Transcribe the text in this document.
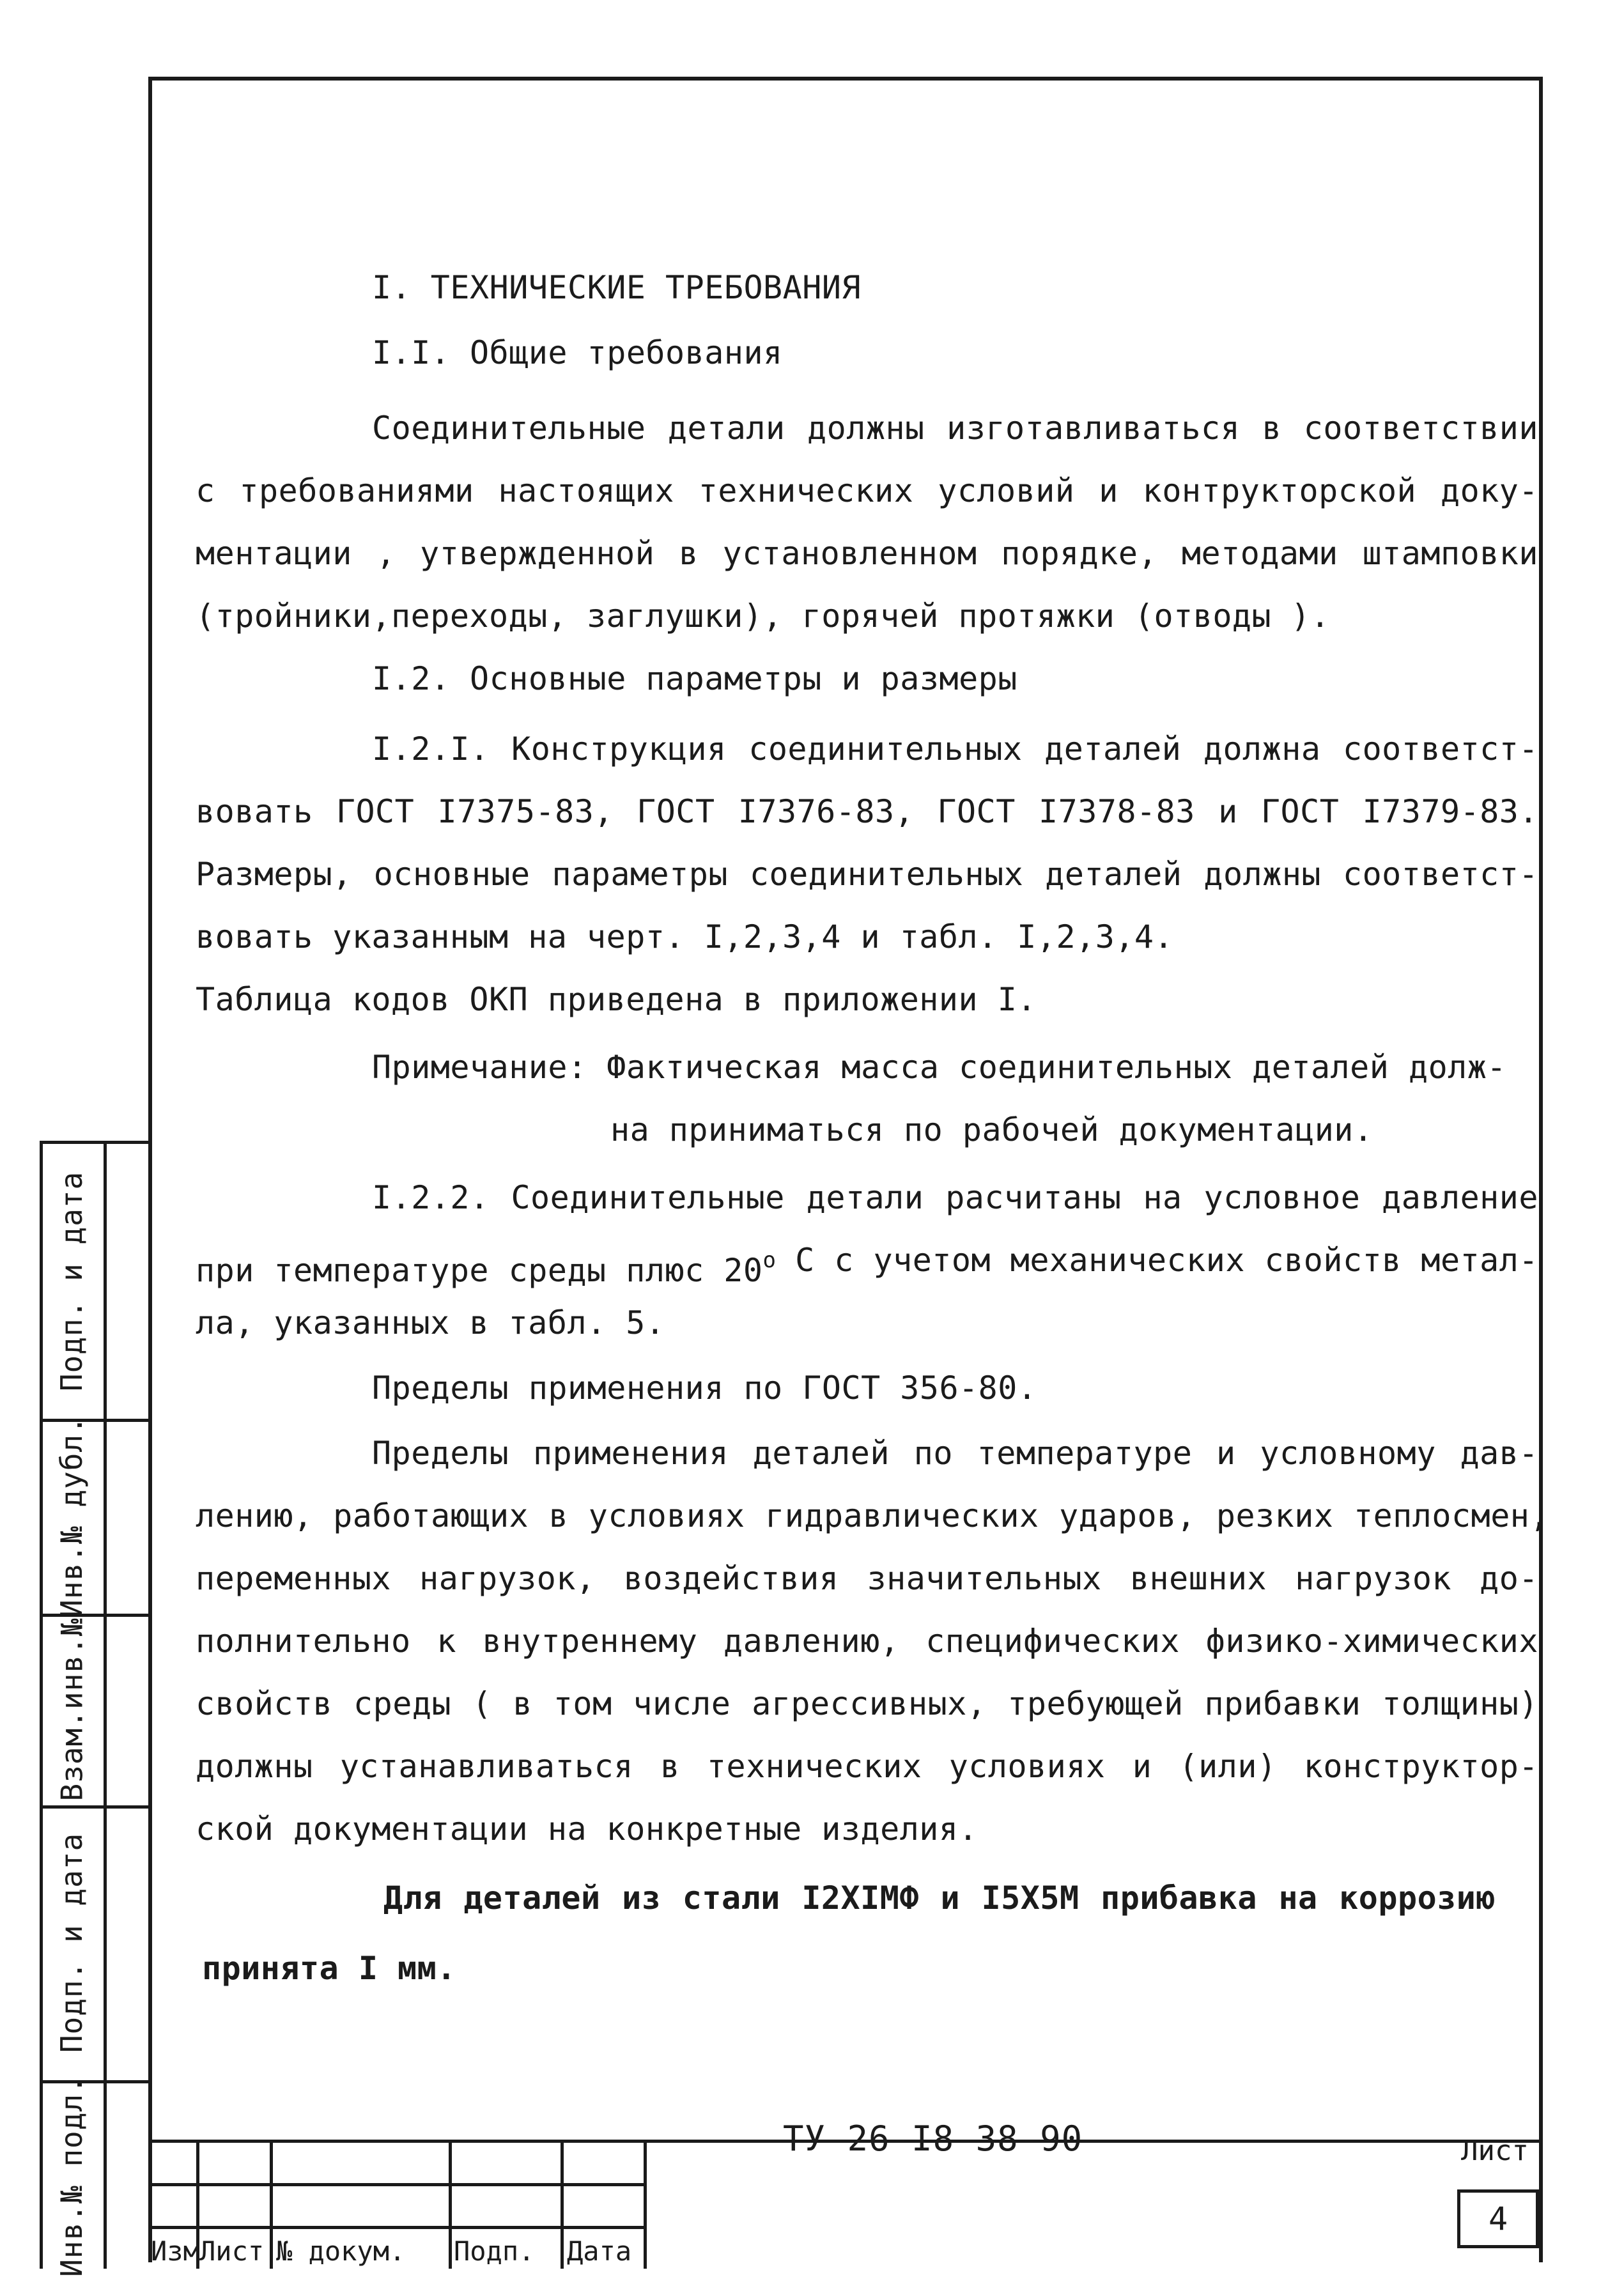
I. ТЕХНИЧЕСКИЕ ТРЕБОВАНИЯ
I.I. Общие требования
Соединительные детали должны изготавливаться в соответствии
с требованиями настоящих технических условий и контрукторской доку-
ментации , утвержденной в установленном порядке, методами штамповки
(тройники,переходы, заглушки), горячей протяжки (отводы ).
I.2. Основные параметры и размеры
I.2.I. Конструкция соединительных деталей должна соответст-
вовать ГОСТ I7375-83, ГОСТ I7376-83, ГОСТ I7378-83 и ГОСТ I7379-83.
Размеры, основные параметры соединительных деталей должны соответст-
вовать указанным на черт. I,2,3,4 и табл. I,2,3,4.
Таблица кодов ОКП приведена в приложении I.
Примечание: Фактическая масса соединительных деталей долж-
на приниматься по рабочей документации.
I.2.2. Соединительные детали расчитаны на условное давление
при температуре среды плюс $20^о$ С с учетом механических свойств метал-
ла, указанных в табл. 5.
Пределы применения по ГОСТ 356-80.
Пределы применения деталей по температуре и условному дав-
лению, работающих в условиях гидравлических ударов, резких теплосмен,
переменных нагрузок, воздействия значительных внешних нагрузок до-
полнительно к внутреннему давлению, специфических физико-химических
свойств среды ( в том числе агрессивных, требующей прибавки толщины)
должны устанавливаться в технических условиях и (или) конструктор-
ской документации на конкретные изделия.
Для деталей из стали I2XIМФ и I5X5М прибавка на коррозию
принята I мм.
Подп. и дата
Инв.№ дубл.
Взам.инв.№
Подп. и дата
Инв.№ подл. Изм Лист № докум. Подп. Дата
ТУ 26-I8-38-90	Лист
4
